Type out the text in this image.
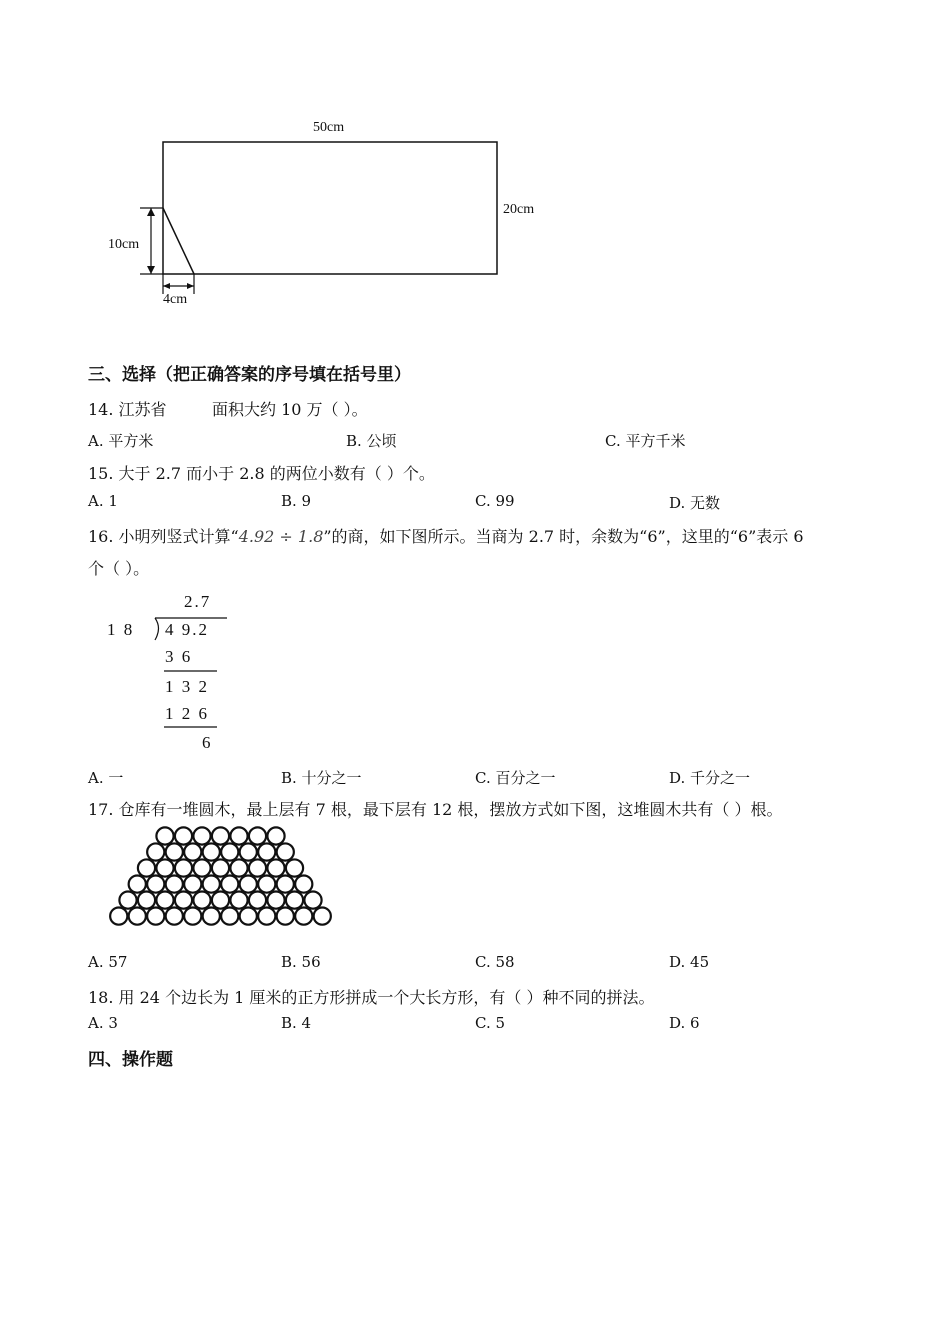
50cm
20cm
10cm
4cm
三、选择（把正确答案的序号填在括号里）
14. 江苏省	面积大约 10 万（ ）。
A. 平方米	B. 公顷	C. 平方千米
15. 大于 2.7 而小于 2.8 的两位小数有（ ）个。
A. 1	B. 9	C. 99	D. 无数
16. 小明列竖式计算“4.92 ÷ 1.8”的商，如下图所示。当商为 2.7 时，余数为“6”，这里的“6”表示 6
个（ ）。
2.7
1 8 4 9.2
3 6
1 3 2
1 2 6
6
A. 一	B. 十分之一	C. 百分之一	D. 千分之一
17. 仓库有一堆圆木，最上层有 7 根，最下层有 12 根，摆放方式如下图，这堆圆木共有（ ）根。
A. 57	B. 56	C. 58	D. 45
18. 用 24 个边长为 1 厘米的正方形拼成一个大长方形，有（ ）种不同的拼法。
A. 3	B. 4	C. 5	D. 6
四、操作题
